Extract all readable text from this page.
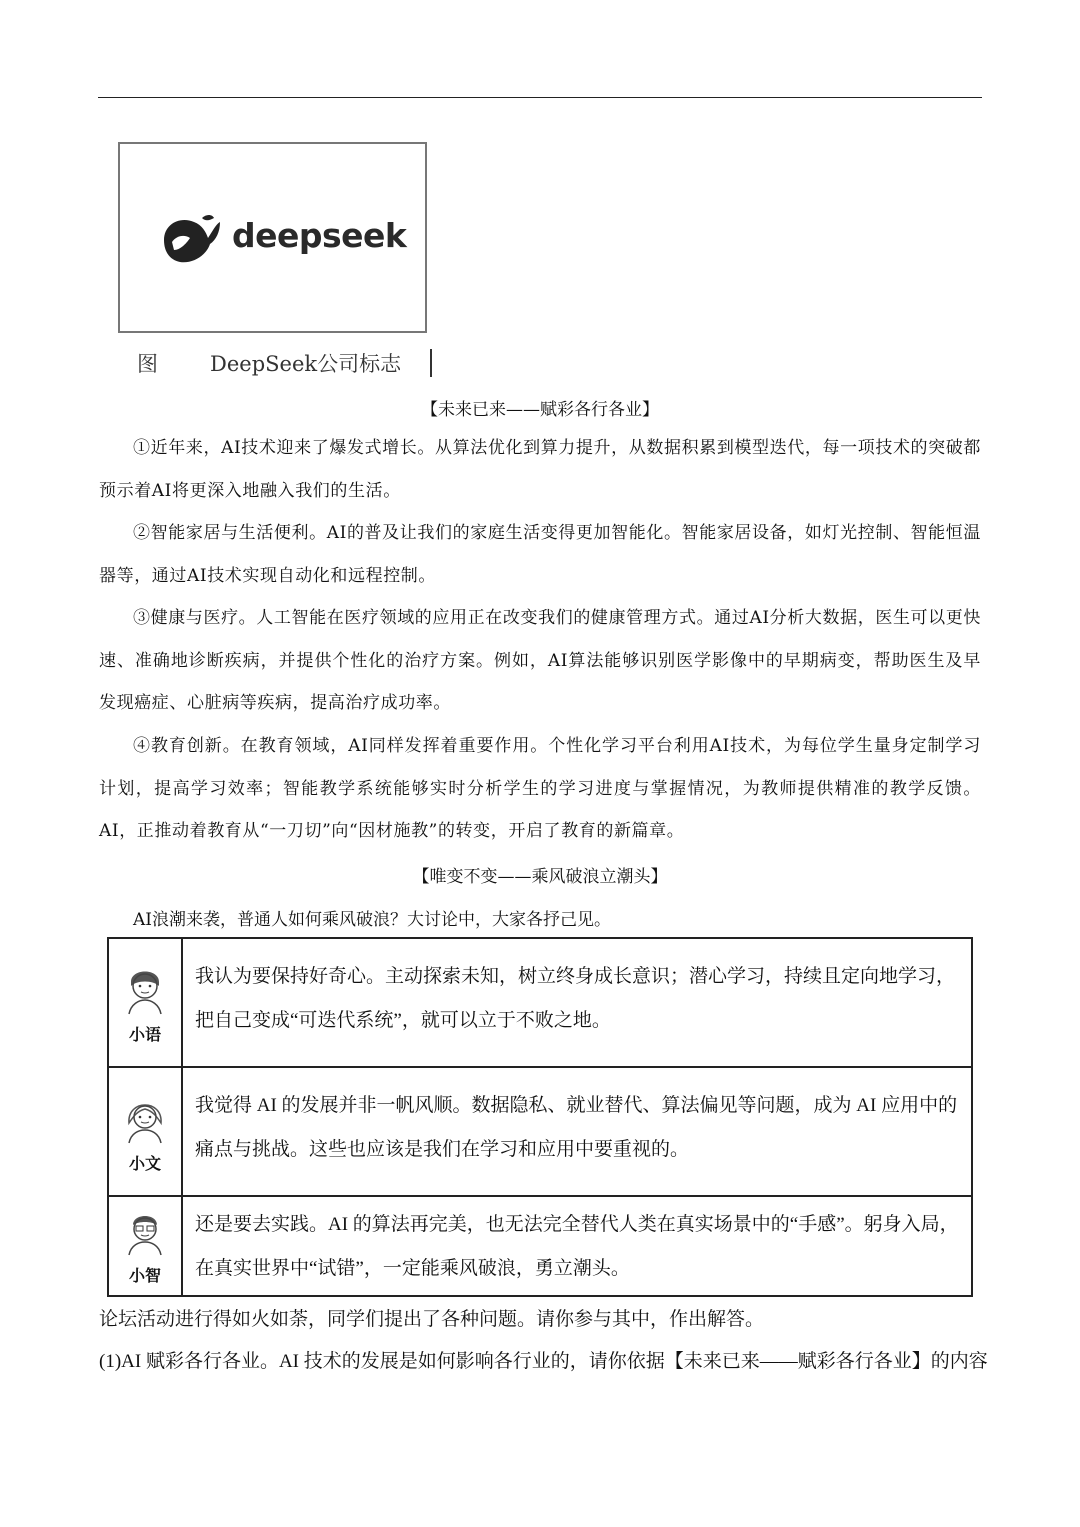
deepseek
图 DeepSeek公司标志
【未来已来——赋彩各行各业】
①近年来，AI技术迎来了爆发式增长。从算法优化到算力提升，从数据积累到模型迭代，每一项技术的突破都预示着AI将更深入地融入我们的生活。
②智能家居与生活便利。AI的普及让我们的家庭生活变得更加智能化。智能家居设备，如灯光控制、智能恒温器等，通过AI技术实现自动化和远程控制。
③健康与医疗。人工智能在医疗领域的应用正在改变我们的健康管理方式。通过AI分析大数据，医生可以更快速、准确地诊断疾病，并提供个性化的治疗方案。例如，AI算法能够识别医学影像中的早期病变，帮助医生及早发现癌症、心脏病等疾病，提高治疗成功率。
④教育创新。在教育领域，AI同样发挥着重要作用。个性化学习平台利用AI技术，为每位学生量身定制学习计划，提高学习效率；智能教学系统能够实时分析学生的学习进度与掌握情况，为教师提供精准的教学反馈。AI，正推动着教育从“一刀切”向“因材施教”的转变，开启了教育的新篇章。
【唯变不变——乘风破浪立潮头】
AI浪潮来袭，普通人如何乘风破浪？大讨论中，大家各抒己见。
小语	我认为要保持好奇心。主动探索未知，树立终身成长意识；潜心学习，持续且定向地学习，把自己变成“可迭代系统”，就可以立于不败之地。

小文	我觉得 AI 的发展并非一帆风顺。数据隐私、就业替代、算法偏见等问题，成为 AI 应用中的痛点与挑战。这些也应该是我们在学习和应用中要重视的。

小智	还是要去实践。AI 的算法再完美，也无法完全替代人类在真实场景中的“手感”。躬身入局，在真实世界中“试错”，一定能乘风破浪，勇立潮头。
论坛活动进行得如火如荼，同学们提出了各种问题。请你参与其中，作出解答。
(1)AI 赋彩各行各业。AI 技术的发展是如何影响各行业的，请你依据【未来已来——赋彩各行各业】的内容
